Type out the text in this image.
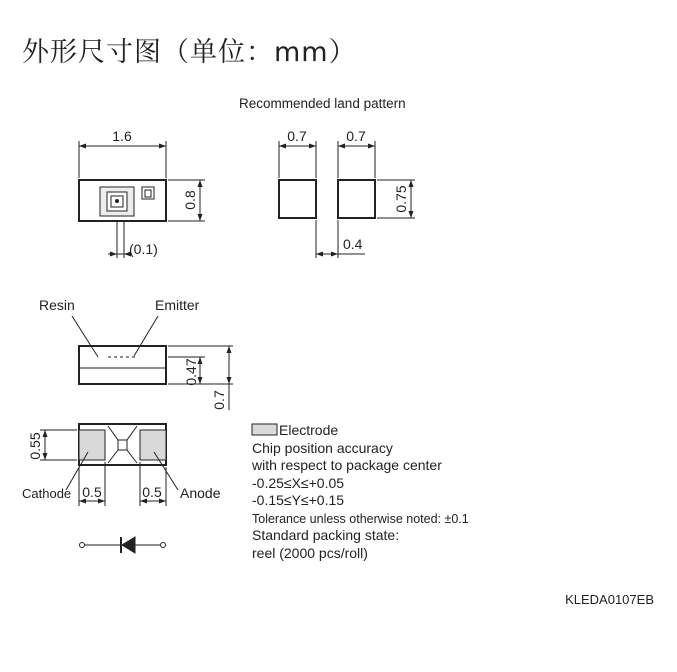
外形尺寸图（单位：mm）
Recommended land pattern
1.6
0.8
(0.1)
0.7	0.7
0.75
0.4
Resin	Emitter
0.47
0.7
0.55
Cathode	Anode
0.5	0.5
Electrode
Chip position accuracy
with respect to package center
-0.25≤X≤+0.05
-0.15≤Y≤+0.15
Tolerance unless otherwise noted: ±0.1
Standard packing state:
reel (2000 pcs/roll)
KLEDA0107EB
